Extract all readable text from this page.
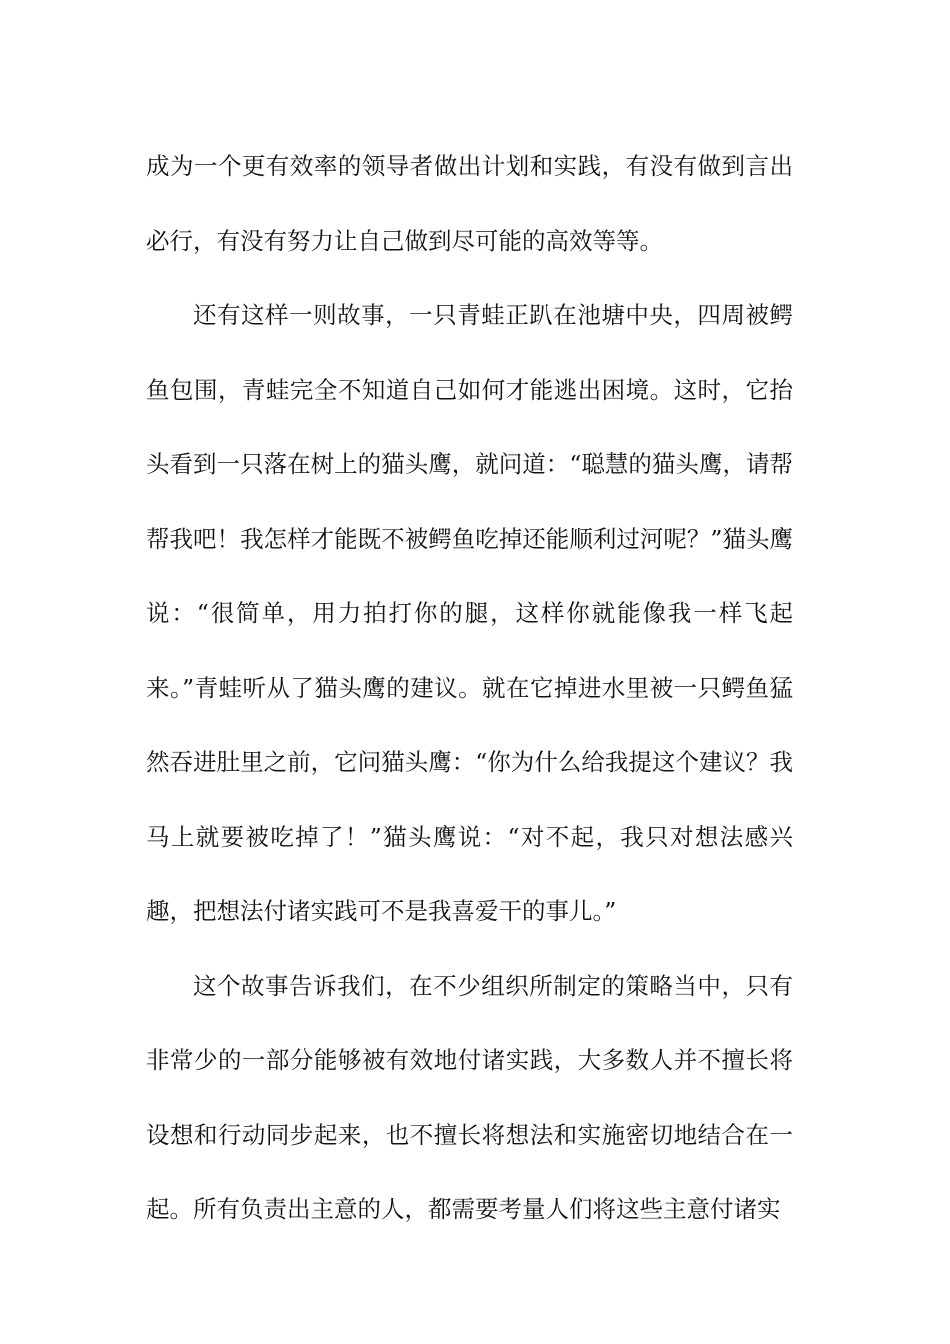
成为一个更有效率的领导者做出计划和实践，有没有做到言出必行，有没有努力让自己做到尽可能的高效等等。

还有这样一则故事，一只青蛙正趴在池塘中央，四周被鳄鱼包围，青蛙完全不知道自己如何才能逃出困境。这时，它抬头看到一只落在树上的猫头鹰，就问道：“聪慧的猫头鹰，请帮帮我吧！我怎样才能既不被鳄鱼吃掉还能顺利过河呢？”猫头鹰说：“很简单，用力拍打你的腿，这样你就能像我一样飞起来。”青蛙听从了猫头鹰的建议。就在它掉进水里被一只鳄鱼猛然吞进肚里之前，它问猫头鹰：“你为什么给我提这个建议？我马上就要被吃掉了！”猫头鹰说：“对不起，我只对想法感兴趣，把想法付诸实践可不是我喜爱干的事儿。”

这个故事告诉我们，在不少组织所制定的策略当中，只有非常少的一部分能够被有效地付诸实践，大多数人并不擅长将设想和行动同步起来，也不擅长将想法和实施密切地结合在一起。所有负责出主意的人，都需要考量人们将这些主意付诸实
